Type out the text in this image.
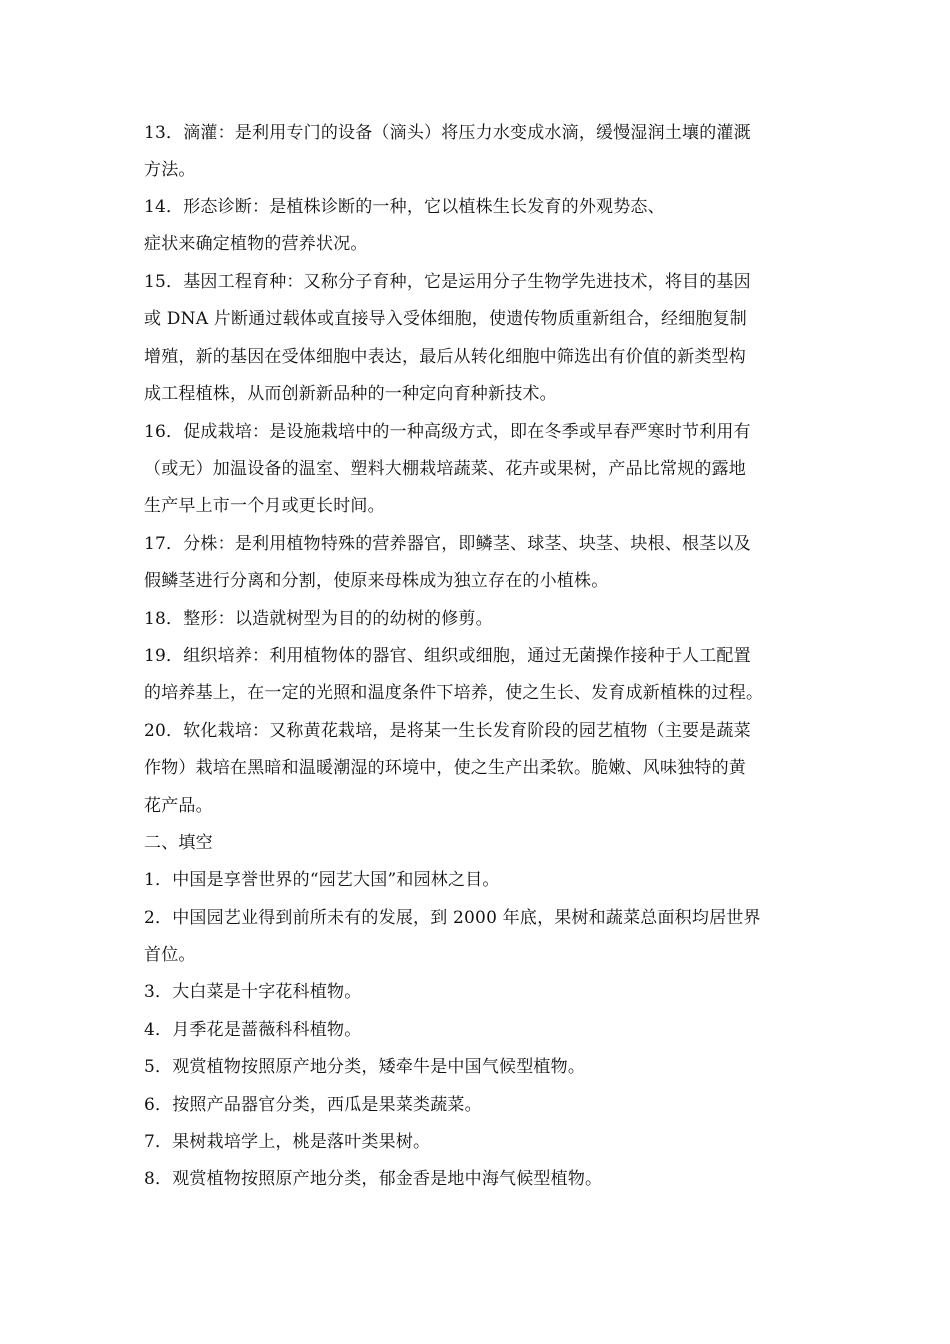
13．滴灌：是利用专门的设备（滴头）将压力水变成水滴，缓慢湿润土壤的灌溉
方法。
14．形态诊断：是植株诊断的一种，它以植株生长发育的外观势态、
症状来确定植物的营养状况。
15．基因工程育种：又称分子育种，它是运用分子生物学先进技术，将目的基因
或 DNA 片断通过载体或直接导入受体细胞，使遗传物质重新组合，经细胞复制
增殖，新的基因在受体细胞中表达，最后从转化细胞中筛选出有价值的新类型构
成工程植株，从而创新新品种的一种定向育种新技术。
16．促成栽培：是设施栽培中的一种高级方式，即在冬季或早春严寒时节利用有
（或无）加温设备的温室、塑料大棚栽培蔬菜、花卉或果树，产品比常规的露地
生产早上市一个月或更长时间。
17．分株：是利用植物特殊的营养器官，即鳞茎、球茎、块茎、块根、根茎以及
假鳞茎进行分离和分割，使原来母株成为独立存在的小植株。
18．整形：以造就树型为目的的幼树的修剪。
19．组织培养：利用植物体的器官、组织或细胞，通过无菌操作接种于人工配置
的培养基上，在一定的光照和温度条件下培养，使之生长、发育成新植株的过程。
20．软化栽培：又称黄花栽培，是将某一生长发育阶段的园艺植物（主要是蔬菜
作物）栽培在黑暗和温暖潮湿的环境中，使之生产出柔软。脆嫩、风味独特的黄
花产品。
二、填空
1．中国是享誉世界的“园艺大国”和园林之目。
2．中国园艺业得到前所未有的发展，到 2000 年底，果树和蔬菜总面积均居世界
首位。
3．大白菜是十字花科植物。
4．月季花是蔷薇科科植物。
5．观赏植物按照原产地分类，矮牵牛是中国气候型植物。
6．按照产品器官分类，西瓜是果菜类蔬菜。
7．果树栽培学上，桃是落叶类果树。
8．观赏植物按照原产地分类，郁金香是地中海气候型植物。
